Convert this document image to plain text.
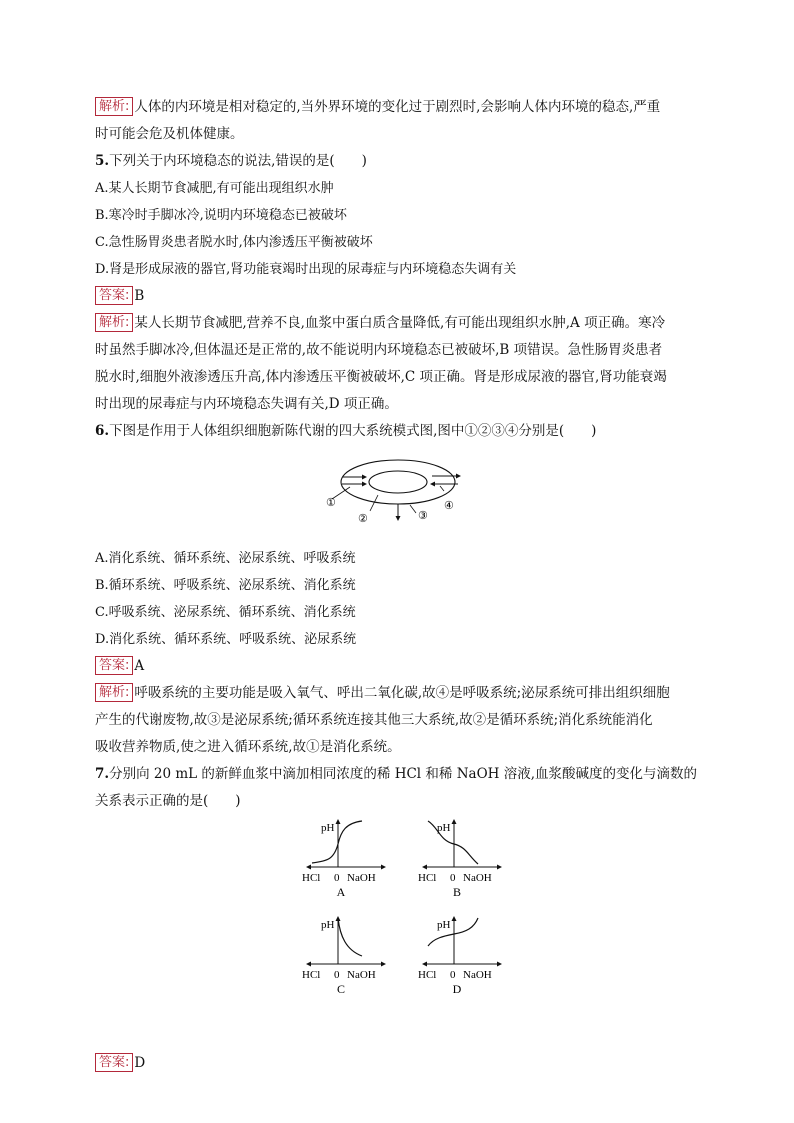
解析: 人体的内环境是相对稳定的,当外界环境的变化过于剧烈时,会影响人体内环境的稳态,严重
时可能会危及机体健康。
5.下列关于内环境稳态的说法,错误的是(　　)
A.某人长期节食减肥,有可能出现组织水肿
B.寒冷时手脚冰冷,说明内环境稳态已被破坏
C.急性肠胃炎患者脱水时,体内渗透压平衡被破坏
D.肾是形成尿液的器官,肾功能衰竭时出现的尿毒症与内环境稳态失调有关
答案: B
解析: 某人长期节食减肥,营养不良,血浆中蛋白质含量降低,有可能出现组织水肿,A 项正确。寒冷
时虽然手脚冰冷,但体温还是正常的,故不能说明内环境稳态已被破坏,B 项错误。急性肠胃炎患者
脱水时,细胞外液渗透压升高,体内渗透压平衡被破坏,C 项正确。肾是形成尿液的器官,肾功能衰竭
时出现的尿毒症与内环境稳态失调有关,D 项正确。
6.下图是作用于人体组织细胞新陈代谢的四大系统模式图,图中①②③④分别是(　　)
A.消化系统、循环系统、泌尿系统、呼吸系统
B.循环系统、呼吸系统、泌尿系统、消化系统
C.呼吸系统、泌尿系统、循环系统、消化系统
D.消化系统、循环系统、呼吸系统、泌尿系统
答案: A
解析: 呼吸系统的主要功能是吸入氧气、呼出二氧化碳,故④是呼吸系统;泌尿系统可排出组织细胞
产生的代谢废物,故③是泌尿系统;循环系统连接其他三大系统,故②是循环系统;消化系统能消化
吸收营养物质,使之进入循环系统,故①是消化系统。
7.分别向 20 mL 的新鲜血浆中滴加相同浓度的稀 HCl 和稀 NaOH 溶液,血浆酸碱度的变化与滴数的
关系表示正确的是(　　)
答案: D
①
②	③
④
pH
HCl 0 NaOH
A
pH
HCl 0 NaOH
B
pH
HCl 0 NaOH
C
pH
HCl 0 NaOH
D
